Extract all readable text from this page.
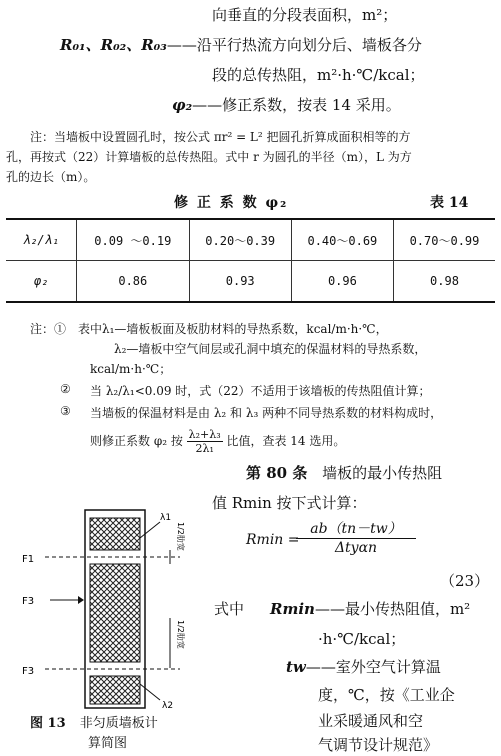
向垂直的分段表面积，m²；
R₀₁、R₀₂、R₀₃——沿平行热流方向划分后、墙板各分
段的总传热阻，m²·h·℃/kcal；
φ₂——修正系数，按表 14 采用。
注：当墙板中设置圆孔时，按公式 πr² = L² 把圆孔折算成面积相等的方
孔，再按式（22）计算墙板的总传热阻。式中 r 为圆孔的半径（m），L 为方
孔的边长（m）。
修 正 系 数 φ₂	表 14
λ₂/λ₁	0.09 ～0.19	0.20～0.39	0.40～0.69	0.70～0.99
φ₂	0.86	0.93	0.96	0.98
注：① 表中λ₁—墙板板面及板肋材料的导热系数，kcal/m·h·℃，
λ₂—墙板中空气间层或孔洞中填充的保温材料的导热系数，
kcal/m·h·℃；
② 当 λ₂/λ₁<0.09 时，式（22）不适用于该墙板的传热阻值计算；
③ 当墙板的保温材料是由 λ₂ 和 λ₃ 两种不同导热系数的材料构成时，
则修正系数 φ₂ 按 $\frac{\text{λ₂+λ₃}}{\text{2λ₁}}$ 比值，查表 14 选用。
第 80 条 墙板的最小传热阻
值 Rmin 按下式计算：
Rmin =
ab（tn－tw）
Δtyαn
（23）
式中 Rmin——最小传热阻值，m²
·h·℃/kcal；
tw——室外空气计算温
度，℃，按《工业企
业采暖通风和空
气调节设计规范》
λ1
λ2
F1
F3
F3
1/2肋宽
1/2肋宽
图 13 非匀质墙板计
算简图
